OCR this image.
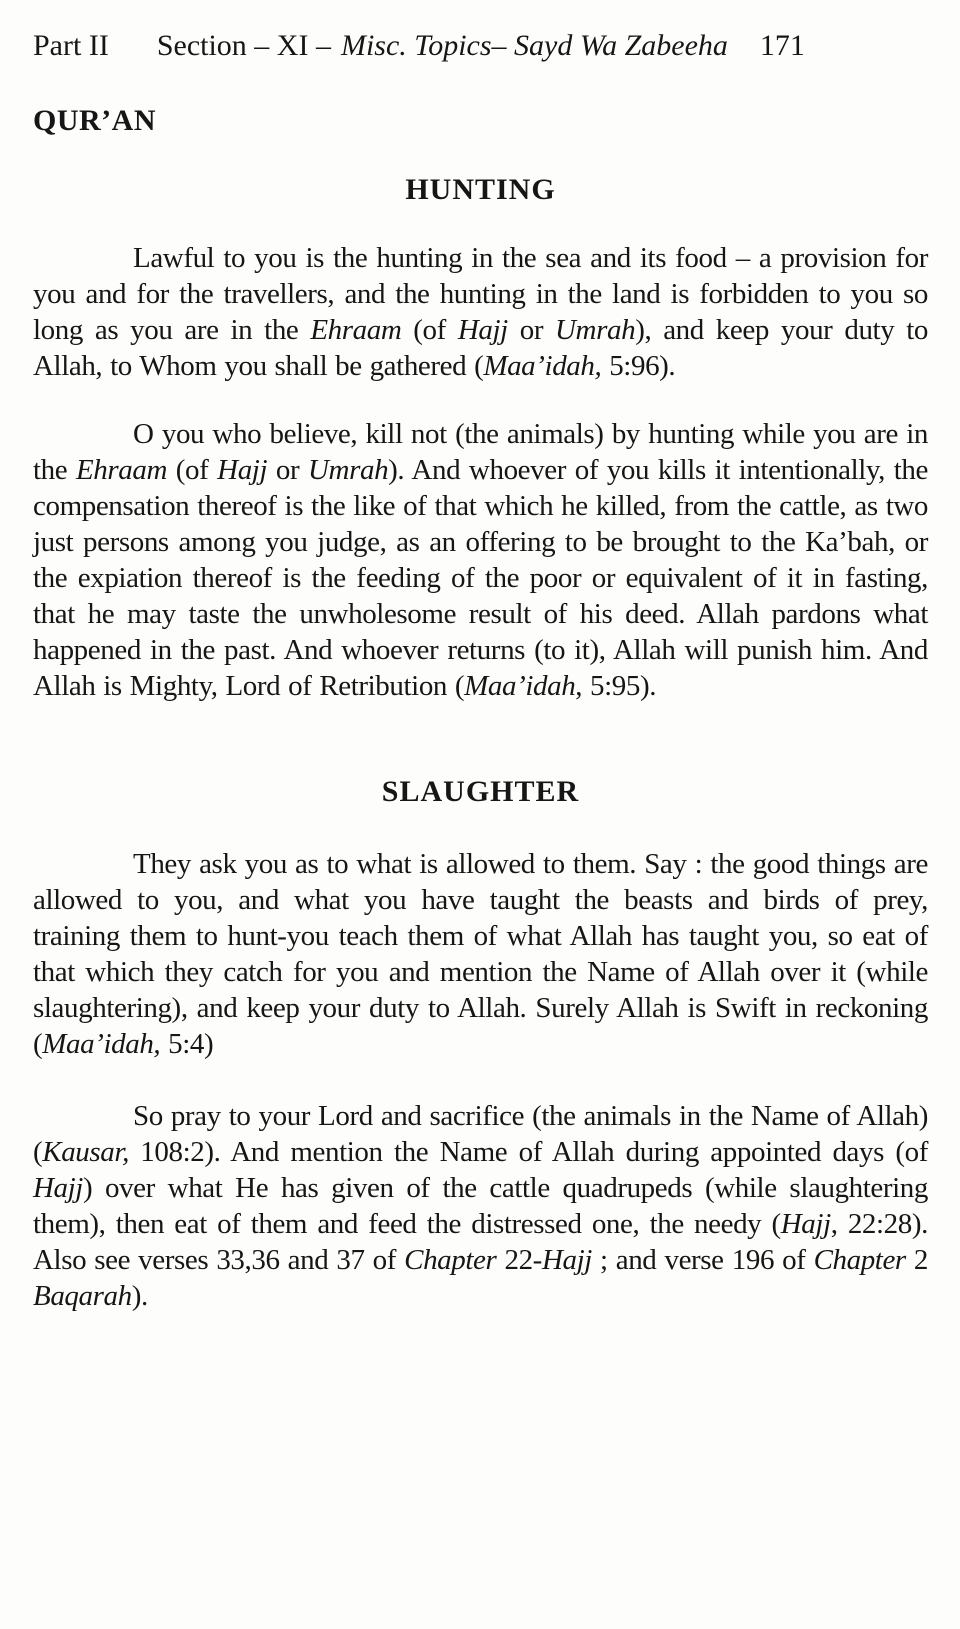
Part II Section – XI – Misc. Topics– Sayd Wa Zabeeha 171
QUR’AN
HUNTING

Lawful to you is the hunting in the sea and its food – a provision for you and for the travellers, and the hunting in the land is forbidden to you so long as you are in the Ehraam (of Hajj or Umrah), and keep your duty to Allah, to Whom you shall be gathered (Maa’idah, 5:96).

O you who believe, kill not (the animals) by hunting while you are in the Ehraam (of Hajj or Umrah). And whoever of you kills it intentionally, the compensation thereof is the like of that which he killed, from the cattle, as two just persons among you judge, as an offering to be brought to the Ka’bah, or the expiation thereof is the feeding of the poor or equivalent of it in fasting, that he may taste the unwholesome result of his deed. Allah pardons what happened in the past. And whoever returns (to it), Allah will punish him. And Allah is Mighty, Lord of Retribution (Maa’idah, 5:95).

SLAUGHTER

They ask you as to what is allowed to them. Say : the good things are allowed to you, and what you have taught the beasts and birds of prey, training them to hunt-you teach them of what Allah has taught you, so eat of that which they catch for you and mention the Name of Allah over it (while slaughtering), and keep your duty to Allah. Surely Allah is Swift in reckoning (Maa’idah, 5:4)

So pray to your Lord and sacrifice (the animals in the Name of Allah) (Kausar, 108:2). And mention the Name of Allah during appointed days (of Hajj) over what He has given of the cattle quadrupeds (while slaughtering them), then eat of them and feed the distressed one, the needy (Hajj, 22:28). Also see verses 33,36 and 37 of Chapter 22-Hajj ; and verse 196 of Chapter 2 Baqarah).
